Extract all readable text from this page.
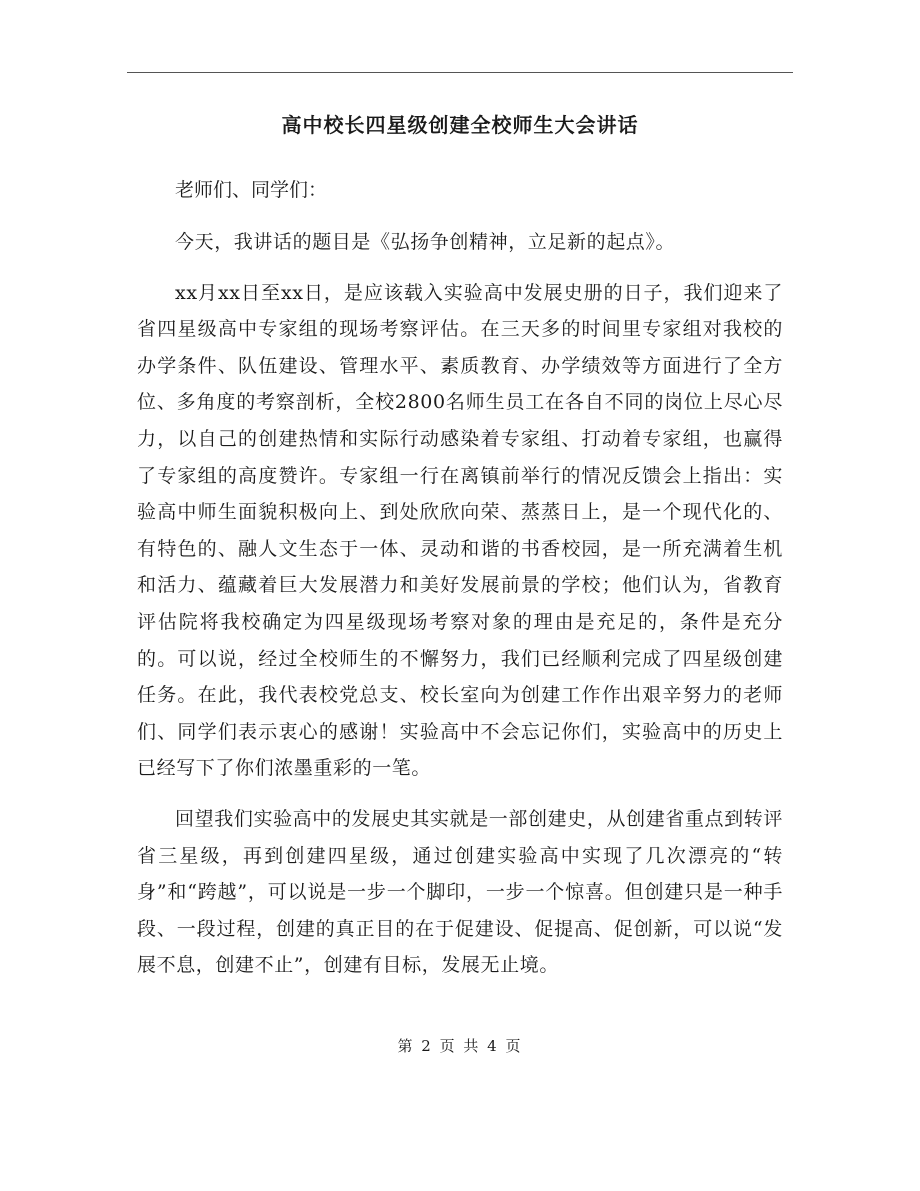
高中校长四星级创建全校师生大会讲话
老师们、同学们：

今天，我讲话的题目是《弘扬争创精神，立足新的起点》。

xx月xx日至xx日，是应该载入实验高中发展史册的日子，我们迎来了省四星级高中专家组的现场考察评估。在三天多的时间里专家组对我校的办学条件、队伍建设、管理水平、素质教育、办学绩效等方面进行了全方位、多角度的考察剖析，全校2800名师生员工在各自不同的岗位上尽心尽力，以自己的创建热情和实际行动感染着专家组、打动着专家组，也赢得了专家组的高度赞许。专家组一行在离镇前举行的情况反馈会上指出：实验高中师生面貌积极向上、到处欣欣向荣、蒸蒸日上，是一个现代化的、有特色的、融人文生态于一体、灵动和谐的书香校园，是一所充满着生机和活力、蕴藏着巨大发展潜力和美好发展前景的学校；他们认为，省教育评估院将我校确定为四星级现场考察对象的理由是充足的，条件是充分的。可以说，经过全校师生的不懈努力，我们已经顺利完成了四星级创建任务。在此，我代表校党总支、校长室向为创建工作作出艰辛努力的老师们、同学们表示衷心的感谢！实验高中不会忘记你们，实验高中的历史上已经写下了你们浓墨重彩的一笔。

回望我们实验高中的发展史其实就是一部创建史，从创建省重点到转评省三星级，再到创建四星级，通过创建实验高中实现了几次漂亮的“转身”和“跨越”，可以说是一步一个脚印，一步一个惊喜。但创建只是一种手段、一段过程，创建的真正目的在于促建设、促提高、促创新，可以说“发展不息，创建不止”，创建有目标，发展无止境。

第 2 页 共 4 页
